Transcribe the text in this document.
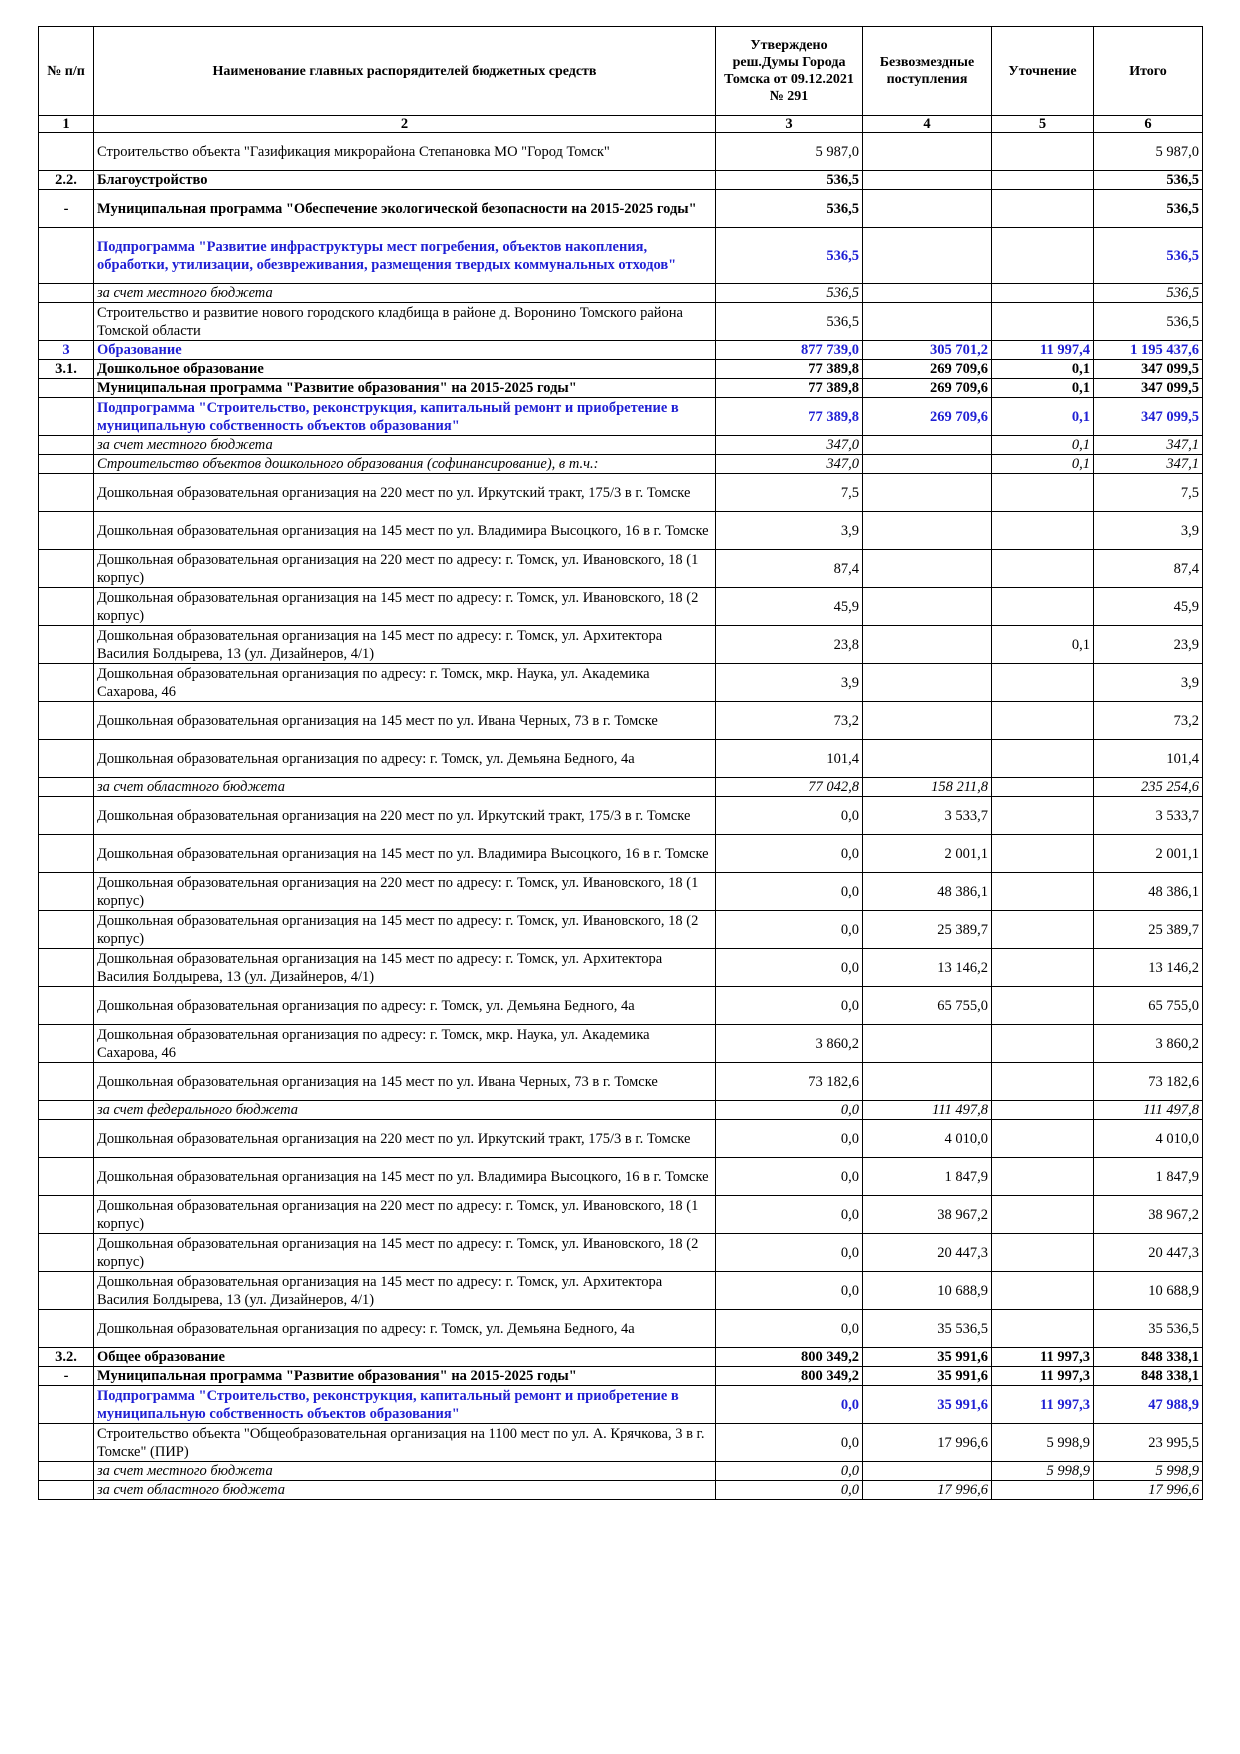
№ п/п	Наименование главных распорядителей бюджетных средств	Утверждено реш.Думы Города Томска от 09.12.2021 № 291	Безвозмездные поступления	Уточнение	Итого
1	2	3	4	5	6
	Строительство объекта "Газификация микрорайона Степановка МО "Город Томск"	5 987,0			5 987,0
2.2.	Благоустройство	536,5			536,5
-	Муниципальная программа "Обеспечение экологической безопасности на 2015-2025 годы"	536,5			536,5
	Подпрограмма "Развитие инфраструктуры мест погребения, объектов накопления, обработки, утилизации, обезвреживания, размещения твердых коммунальных отходов"	536,5			536,5
	за счет местного бюджета	536,5			536,5
	Строительство и развитие нового городского кладбища в районе д. Воронино Томского района Томской области	536,5			536,5
3	Образование	877 739,0	305 701,2	11 997,4	1 195 437,6
3.1.	Дошкольное образование	77 389,8	269 709,6	0,1	347 099,5
	Муниципальная программа "Развитие образования" на 2015-2025 годы"	77 389,8	269 709,6	0,1	347 099,5
	Подпрограмма "Строительство, реконструкция, капитальный ремонт и приобретение в муниципальную собственность объектов образования"	77 389,8	269 709,6	0,1	347 099,5
	за счет местного бюджета	347,0		0,1	347,1
	Строительство объектов дошкольного образования (софинансирование), в т.ч.:	347,0		0,1	347,1
	Дошкольная образовательная организация на 220 мест по ул. Иркутский тракт, 175/3 в г. Томске	7,5			7,5
	Дошкольная образовательная организация на 145 мест по ул. Владимира Высоцкого, 16 в г. Томске	3,9			3,9
	Дошкольная образовательная организация на 220 мест по адресу: г. Томск, ул. Ивановского, 18 (1 корпус)	87,4			87,4
	Дошкольная образовательная организация на 145 мест по адресу: г. Томск, ул. Ивановского, 18 (2 корпус)	45,9			45,9
	Дошкольная образовательная организация на 145 мест по адресу: г. Томск, ул. Архитектора Василия Болдырева, 13 (ул. Дизайнеров, 4/1)	23,8		0,1	23,9
	Дошкольная образовательная организация по адресу: г. Томск, мкр. Наука, ул. Академика Сахарова, 46	3,9			3,9
	Дошкольная образовательная организация на 145 мест по ул. Ивана Черных, 73 в г. Томске	73,2			73,2
	Дошкольная образовательная организация по адресу: г. Томск, ул. Демьяна Бедного, 4а	101,4			101,4
	за счет областного бюджета	77 042,8	158 211,8		235 254,6
	Дошкольная образовательная организация на 220 мест по ул. Иркутский тракт, 175/3 в г. Томске	0,0	3 533,7		3 533,7
	Дошкольная образовательная организация на 145 мест по ул. Владимира Высоцкого, 16 в г. Томске	0,0	2 001,1		2 001,1
	Дошкольная образовательная организация на 220 мест по адресу: г. Томск, ул. Ивановского, 18 (1 корпус)	0,0	48 386,1		48 386,1
	Дошкольная образовательная организация на 145 мест по адресу: г. Томск, ул. Ивановского, 18 (2 корпус)	0,0	25 389,7		25 389,7
	Дошкольная образовательная организация на 145 мест по адресу: г. Томск, ул. Архитектора Василия Болдырева, 13 (ул. Дизайнеров, 4/1)	0,0	13 146,2		13 146,2
	Дошкольная образовательная организация по адресу: г. Томск, ул. Демьяна Бедного, 4а	0,0	65 755,0		65 755,0
	Дошкольная образовательная организация по адресу: г. Томск, мкр. Наука, ул. Академика Сахарова, 46	3 860,2			3 860,2
	Дошкольная образовательная организация на 145 мест по ул. Ивана Черных, 73 в г. Томске	73 182,6			73 182,6
	за счет федерального бюджета	0,0	111 497,8		111 497,8
	Дошкольная образовательная организация на 220 мест по ул. Иркутский тракт, 175/3 в г. Томске	0,0	4 010,0		4 010,0
	Дошкольная образовательная организация на 145 мест по ул. Владимира Высоцкого, 16 в г. Томске	0,0	1 847,9		1 847,9
	Дошкольная образовательная организация на 220 мест по адресу: г. Томск, ул. Ивановского, 18 (1 корпус)	0,0	38 967,2		38 967,2
	Дошкольная образовательная организация на 145 мест по адресу: г. Томск, ул. Ивановского, 18 (2 корпус)	0,0	20 447,3		20 447,3
	Дошкольная образовательная организация на 145 мест по адресу: г. Томск, ул. Архитектора Василия Болдырева, 13 (ул. Дизайнеров, 4/1)	0,0	10 688,9		10 688,9
	Дошкольная образовательная организация по адресу: г. Томск, ул. Демьяна Бедного, 4а	0,0	35 536,5		35 536,5
3.2.	Общее образование	800 349,2	35 991,6	11 997,3	848 338,1
-	Муниципальная программа "Развитие образования" на 2015-2025 годы"	800 349,2	35 991,6	11 997,3	848 338,1
	Подпрограмма "Строительство, реконструкция, капитальный ремонт и приобретение в муниципальную собственность объектов образования"	0,0	35 991,6	11 997,3	47 988,9
	Строительство объекта "Общеобразовательная организация на 1100 мест по ул. А. Крячкова, 3 в г. Томске" (ПИР)	0,0	17 996,6	5 998,9	23 995,5
	за счет местного бюджета	0,0		5 998,9	5 998,9
	за счет областного бюджета	0,0	17 996,6		17 996,6
